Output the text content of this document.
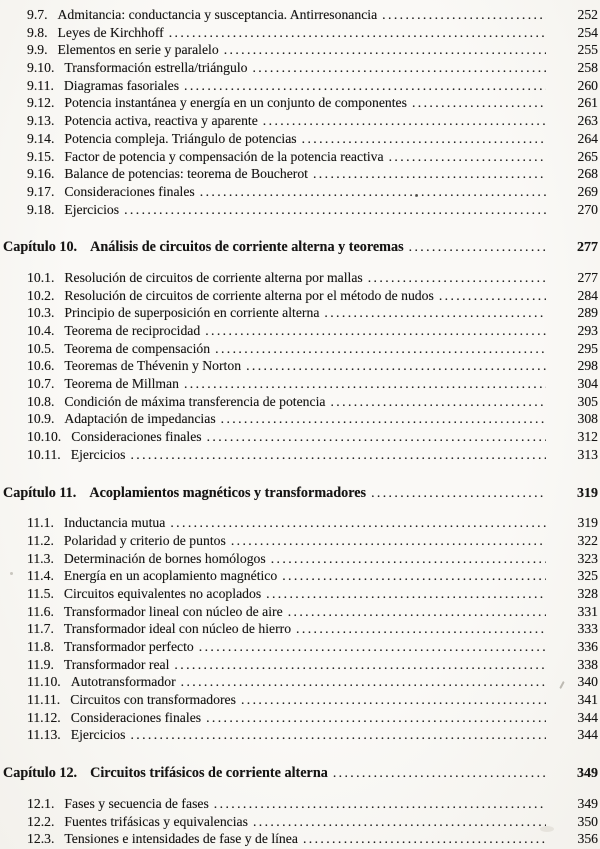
9.7. Admitancia: conductancia y susceptancia. Antirresonancia .....	252
9.8. Leyes de Kirchhoff .....	254
9.9. Elementos en serie y paralelo .....	255
9.10. Transformación estrella/triángulo .....	258
9.11. Diagramas fasoriales .....	260
9.12. Potencia instantánea y energía en un conjunto de componentes .....	261
9.13. Potencia activa, reactiva y aparente .....	263
9.14. Potencia compleja. Triángulo de potencias .....	264
9.15. Factor de potencia y compensación de la potencia reactiva .....	265
9.16. Balance de potencias: teorema de Boucherot .....	268
9.17. Consideraciones finales .....	269
9.18. Ejercicios .....	270
Capítulo 10. Análisis de circuitos de corriente alterna y teoremas .....	277
10.1. Resolución de circuitos de corriente alterna por mallas .....	277
10.2. Resolución de circuitos de corriente alterna por el método de nudos .....	284
10.3. Principio de superposición en corriente alterna .....	289
10.4. Teorema de reciprocidad .....	293
10.5. Teorema de compensación .....	295
10.6. Teoremas de Thévenin y Norton .....	298
10.7. Teorema de Millman .....	304
10.8. Condición de máxima transferencia de potencia .....	305
10.9. Adaptación de impedancias .....	308
10.10. Consideraciones finales .....	312
10.11. Ejercicios .....	313
Capítulo 11. Acoplamientos magnéticos y transformadores .....	319
11.1. Inductancia mutua .....	319
11.2. Polaridad y criterio de puntos .....	322
11.3. Determinación de bornes homólogos .....	323
11.4. Energía en un acoplamiento magnético .....	325
11.5. Circuitos equivalentes no acoplados .....	328
11.6. Transformador lineal con núcleo de aire .....	331
11.7. Transformador ideal con núcleo de hierro .....	333
11.8. Transformador perfecto .....	336
11.9. Transformador real .....	338
11.10. Autotransformador .....	340
11.11. Circuitos con transformadores .....	341
11.12. Consideraciones finales .....	344
11.13. Ejercicios .....	344
Capítulo 12. Circuitos trifásicos de corriente alterna .....	349
12.1. Fases y secuencia de fases .....	349
12.2. Fuentes trifásicas y equivalencias .....	350
12.3. Tensiones e intensidades de fase y de línea .....	356
